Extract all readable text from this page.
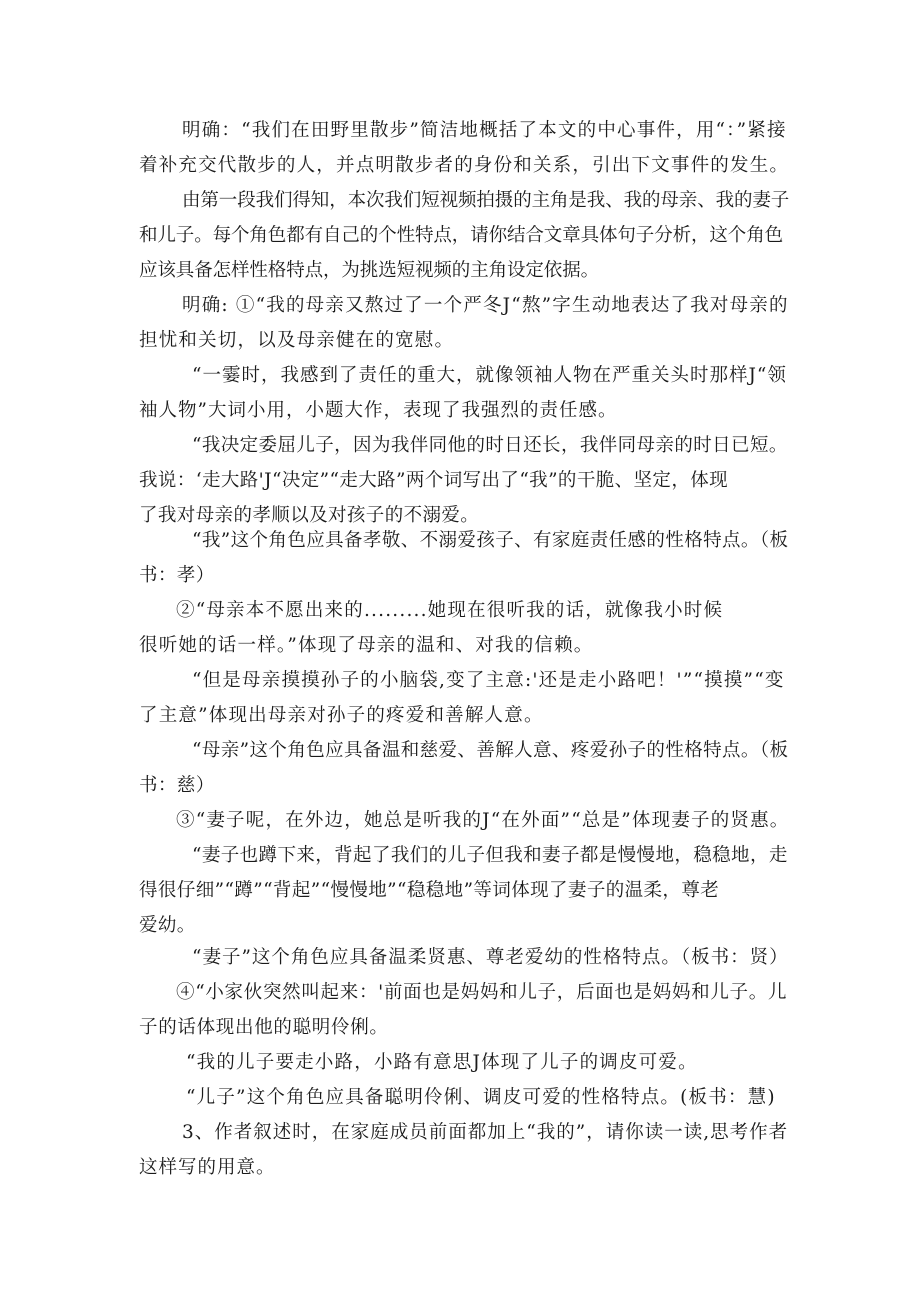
明确：“我们在田野里散步”简洁地概括了本文的中心事件，用“：”紧接
着补充交代散步的人，并点明散步者的身份和关系，引出下文事件的发生。
由第一段我们得知，本次我们短视频拍摄的主角是我、我的母亲、我的妻子
和儿子。每个角色都有自己的个性特点，请你结合文章具体句子分析，这个角色
应该具备怎样性格特点，为挑选短视频的主角设定依据。
明确: ①“我的母亲又熬过了一个严冬J“熬”字生动地表达了我对母亲的
担忧和关切，以及母亲健在的宽慰。
“一霎时，我感到了责任的重大，就像领袖人物在严重关头时那样J“领
袖人物”大词小用，小题大作，表现了我强烈的责任感。
“我决定委屈儿子，因为我伴同他的时日还长，我伴同母亲的时日已短。
我说：‘走大路'J“决定”“走大路”两个词写出了“我”的干脆、坚定，体现
了我对母亲的孝顺以及对孩子的不溺爱。
“我”这个角色应具备孝敬、不溺爱孩子、有家庭责任感的性格特点。（板
书：孝）
②“母亲本不愿出来的.........她现在很听我的话，就像我小时候
很听她的话一样。”体现了母亲的温和、对我的信赖。
“但是母亲摸摸孙子的小脑袋,变了主意:'还是走小路吧！'”“摸摸”“变
了主意”体现出母亲对孙子的疼爱和善解人意。
“母亲”这个角色应具备温和慈爱、善解人意、疼爱孙子的性格特点。（板
书：慈）
③“妻子呢，在外边，她总是听我的J“在外面”“总是”体现妻子的贤惠。
“妻子也蹲下来，背起了我们的儿子但我和妻子都是慢慢地，稳稳地，走
得很仔细”“蹲”“背起”“慢慢地”“稳稳地”等词体现了妻子的温柔，尊老
爱幼。
“妻子”这个角色应具备温柔贤惠、尊老爱幼的性格特点。（板书：贤）
④“小家伙突然叫起来：'前面也是妈妈和儿子，后面也是妈妈和儿子。儿
子的话体现出他的聪明伶俐。
“我的儿子要走小路，小路有意思J体现了儿子的调皮可爱。
“儿子”这个角色应具备聪明伶俐、调皮可爱的性格特点。(板书：慧)
3、作者叙述时，在家庭成员前面都加上“我的”，请你读一读,思考作者
这样写的用意。
